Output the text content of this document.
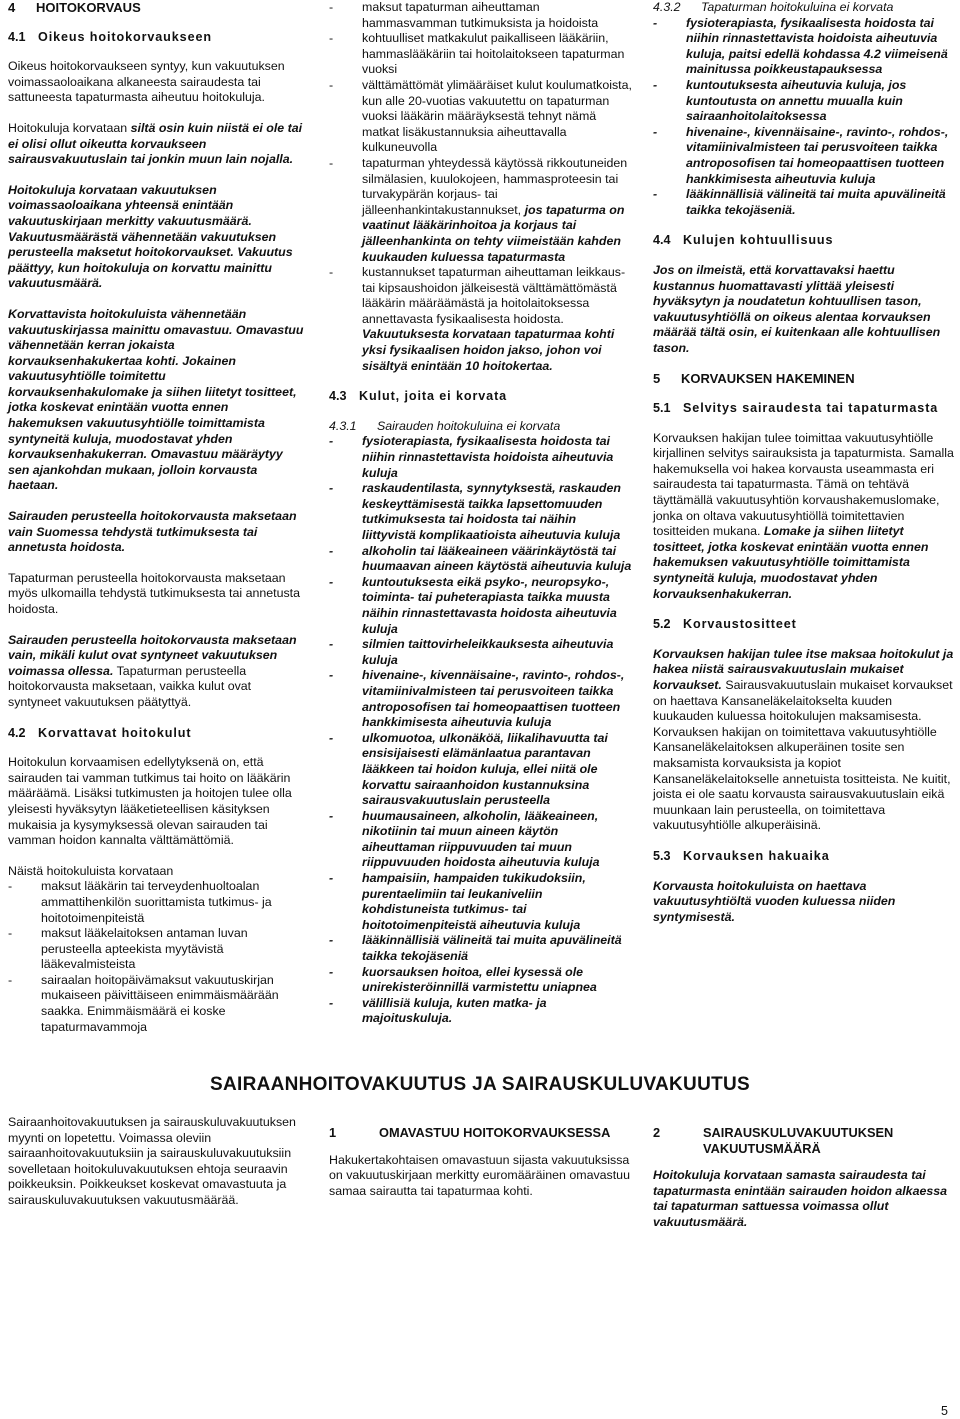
4 HOITOKORVAUS
4.1 Oikeus hoitokorvaukseen

Oikeus hoitokorvaukseen syntyy, kun vakuutuksen voimassaoloaikana alkaneesta sairaudesta tai sattuneesta tapaturmasta aiheutuu hoitokuluja.

Hoitokuluja korvataan siltä osin kuin niistä ei ole tai ei olisi ollut oikeutta korvaukseen sairausvakuutuslain tai jonkin muun lain nojalla.

Hoitokuluja korvataan vakuutuksen voimassaoloaikana yhteensä enintään vakuutuskirjaan merkitty vakuutusmäärä. Vakuutusmäärästä vähennetään vakuutuksen perusteella maksetut hoitokorvaukset. Vakuutus päättyy, kun hoitokuluja on korvattu mainittu vakuutusmäärä.

Korvattavista hoitokuluista vähennetään vakuutuskirjassa mainittu omavastuu. Omavastuu vähennetään kerran jokaista korvauksenhakukertaa kohti. Jokainen vakuutusyhtiölle toimitettu korvauksenhakulomake ja siihen liitetyt tositteet, jotka koskevat enintään vuotta ennen hakemuksen vakuutusyhtiölle toimittamista syntyneitä kuluja, muodostavat yhden korvauksenhakukerran. Omavastuu määräytyy sen ajankohdan mukaan, jolloin korvausta haetaan.

Sairauden perusteella hoitokorvausta maksetaan vain Suomessa tehdystä tutkimuksesta tai annetusta hoidosta.

Tapaturman perusteella hoitokorvausta maksetaan myös ulkomailla tehdystä tutkimuksesta tai annetusta hoidosta.

Sairauden perusteella hoitokorvausta maksetaan vain, mikäli kulut ovat syntyneet vakuutuksen voimassa ollessa. Tapaturman perusteella hoitokorvausta maksetaan, vaikka kulut ovat syntyneet vakuutuksen päätyttyä.

4.2 Korvattavat hoitokulut

Hoitokulun korvaamisen edellytyksenä on, että sairauden tai vamman tutkimus tai hoito on lääkärin määräämä. Lisäksi tutkimusten ja hoitojen tulee olla yleisesti hyväksytyn lääketieteellisen käsityksen mukaisia ja kysymyksessä olevan sairauden tai vamman hoidon kannalta välttämättömiä.

Näistä hoitokuluista korvataan

- maksut lääkärin tai terveydenhuoltoalan ammattihenkilön suorittamista tutkimus- ja hoitotoimenpiteistä
- maksut lääkelaitoksen antaman luvan perusteella apteekista myytävistä lääkevalmisteista
- sairaalan hoitopäivämaksut vakuutuskirjan mukaiseen päivittäiseen enimmäismäärään saakka. Enimmäismäärä ei koske tapaturmavammoja
- maksut tapaturman aiheuttaman hammasvamman tutkimuksista ja hoidoista
- kohtuulliset matkakulut paikalliseen lääkäriin, hammaslääkäriin tai hoitolaitokseen tapaturman vuoksi
- välttämättömät ylimääräiset kulut koulumatkoista, kun alle 20-vuotias vakuutettu on tapaturman vuoksi lääkärin määräyksestä tehnyt nämä matkat lisäkustannuksia aiheuttavalla kulkuneuvolla
- tapaturman yhteydessä käytössä rikkoutuneiden silmälasien, kuulokojeen, hammasproteesin tai turvakypärän korjaus- tai jälleenhankintakustannukset, jos tapaturma on vaatinut lääkärinhoitoa ja korjaus tai jälleenhankinta on tehty viimeistään kahden kuukauden kuluessa tapaturmasta
- kustannukset tapaturman aiheuttaman leikkaus- tai kipsaushoidon jälkeisestä välttämättömästä lääkärin määräämästä ja hoitolaitoksessa annettavasta fysikaalisesta hoidosta. Vakuutuksesta korvataan tapaturmaa kohti yksi fysikaalisen hoidon jakso, johon voi sisältyä enintään 10 hoitokertaa.
4.3 Kulut, joita ei korvata
4.3.1 Sairauden hoitokuluina ei korvata
- fysioterapiasta, fysikaalisesta hoidosta tai niihin rinnastettavista hoidoista aiheutuvia kuluja
- raskaudentilasta, synnytyksestä, raskauden keskeyttämisestä taikka lapsettomuuden tutkimuksesta tai hoidosta tai näihin liittyvistä komplikaatioista aiheutuvia kuluja
- alkoholin tai lääkeaineen väärinkäytöstä tai huumaavan aineen käytöstä aiheutuvia kuluja
- kuntoutuksesta eikä psyko-, neuropsyko-, toiminta- tai puheterapiasta taikka muusta näihin rinnastettavasta hoidosta aiheutuvia kuluja
- silmien taittovirheleikkauksesta aiheutuvia kuluja
- hivenaine-, kivennäisaine-, ravinto-, rohdos-, vitamiinivalmisteen tai perusvoiteen taikka antroposofisen tai homeopaattisen tuotteen hankkimisesta aiheutuvia kuluja
- ulkomuotoa, ulkonäköä, liikalihavuutta tai ensisijaisesti elämänlaatua parantavan lääkkeen tai hoidon kuluja, ellei niitä ole korvattu sairaanhoidon kustannuksina sairausvakuutuslain perusteella
- huumausaineen, alkoholin, lääkeaineen, nikotiinin tai muun aineen käytön aiheuttaman riippuvuuden tai muun riippuvuuden hoidosta aiheutuvia kuluja
- hampaisiin, hampaiden tukikudoksiin, purentaelimiin tai leukaniveliin kohdistuneista tutkimus- tai hoitotoimenpiteistä aiheutuvia kuluja
- lääkinnällisiä välineitä tai muita apuvälineitä taikka tekojäseniä
- kuorsauksen hoitoa, ellei kysessä ole unirekisteröinnillä varmistettu uniapnea
- välillisiä kuluja, kuten matka- ja majoituskuluja.
4.3.2 Tapaturman hoitokuluina ei korvata
- fysioterapiasta, fysikaalisesta hoidosta tai niihin rinnastettavista hoidoista aiheutuvia kuluja, paitsi edellä kohdassa 4.2 viimeisenä mainitussa poikkeustapauksessa
- kuntoutuksesta aiheutuvia kuluja, jos kuntoutusta on annettu muualla kuin sairaanhoitolaitoksessa
- hivenaine-, kivennäisaine-, ravinto-, rohdos-, vitamiinivalmisteen tai perusvoiteen taikka antroposofisen tai homeopaattisen tuotteen hankkimisesta aiheutuvia kuluja
- lääkinnällisiä välineitä tai muita apuvälineitä taikka tekojäseniä.
4.4 Kulujen kohtuullisuus

Jos on ilmeistä, että korvattavaksi haettu kustannus huomattavasti ylittää yleisesti hyväksytyn ja noudatetun kohtuullisen tason, vakuutusyhtiöllä on oikeus alentaa korvauksen määrää tältä osin, ei kuitenkaan alle kohtuullisen tason.

5 KORVAUKSEN HAKEMINEN
5.1 Selvitys sairaudesta tai tapaturmasta

Korvauksen hakijan tulee toimittaa vakuutusyhtiölle kirjallinen selvitys sairauksista ja tapaturmista. Samalla hakemuksella voi hakea korvausta useammasta eri sairaudesta tai tapaturmasta. Tämä on tehtävä täyttämällä vakuutusyhtiön korvaushakemuslomake, jonka on oltava vakuutusyhtiöllä toimitettavien tositteiden mukana. Lomake ja siihen liitetyt tositteet, jotka koskevat enintään vuotta ennen hakemuksen vakuutusyhtiölle toimittamista syntyneitä kuluja, muodostavat yhden korvauksenhakukerran.

5.2 Korvaustositteet

Korvauksen hakijan tulee itse maksaa hoitokulut ja hakea niistä sairausvakuutuslain mukaiset korvaukset. Sairausvakuutuslain mukaiset korvaukset on haettava Kansaneläkelaitokselta kuuden kuukauden kuluessa hoitokulujen maksamisesta. Korvauksen hakijan on toimitettava vakuutusyhtiölle Kansaneläkelaitoksen alkuperäinen tosite sen maksamista korvauksista ja kopiot Kansaneläkelaitokselle annetuista tositteista. Ne kuitit, joista ei ole saatu korvausta sairausvakuutuslain eikä muunkaan lain perusteella, on toimitettava vakuutusyhtiölle alkuperäisinä.

5.3 Korvauksen hakuaika

Korvausta hoitokuluista on haettava vakuutusyhtiöltä vuoden kuluessa niiden syntymisestä.

SAIRAANHOITOVAKUUTUS JA SAIRAUSKULUVAKUUTUS

Sairaanhoitovakuutuksen ja sairauskuluvakuutuksen myynti on lopetettu. Voimassa oleviin sairaanhoitovakuutuksiin ja sairauskuluvakuutuksiin sovelletaan hoitokuluvakuutuksen ehtoja seuraavin poikkeuksin. Poikkeukset koskevat omavastuuta ja sairauskuluvakuutuksen vakuutusmäärää.

1	OMAVASTUU HOITOKORVAUKSESSA

Hakukertakohtaisen omavastuun sijasta vakuutuksissa on vakuutuskirjaan merkitty euromääräinen omavastuu samaa sairautta tai tapaturmaa kohti.

2	SAIRAUSKULUVAKUUTUKSEN VAKUUTUSMÄÄRÄ

Hoitokuluja korvataan samasta sairaudesta tai tapaturmasta enintään sairauden hoidon alkaessa tai tapaturman sattuessa voimassa ollut vakuutusmäärä.

5
